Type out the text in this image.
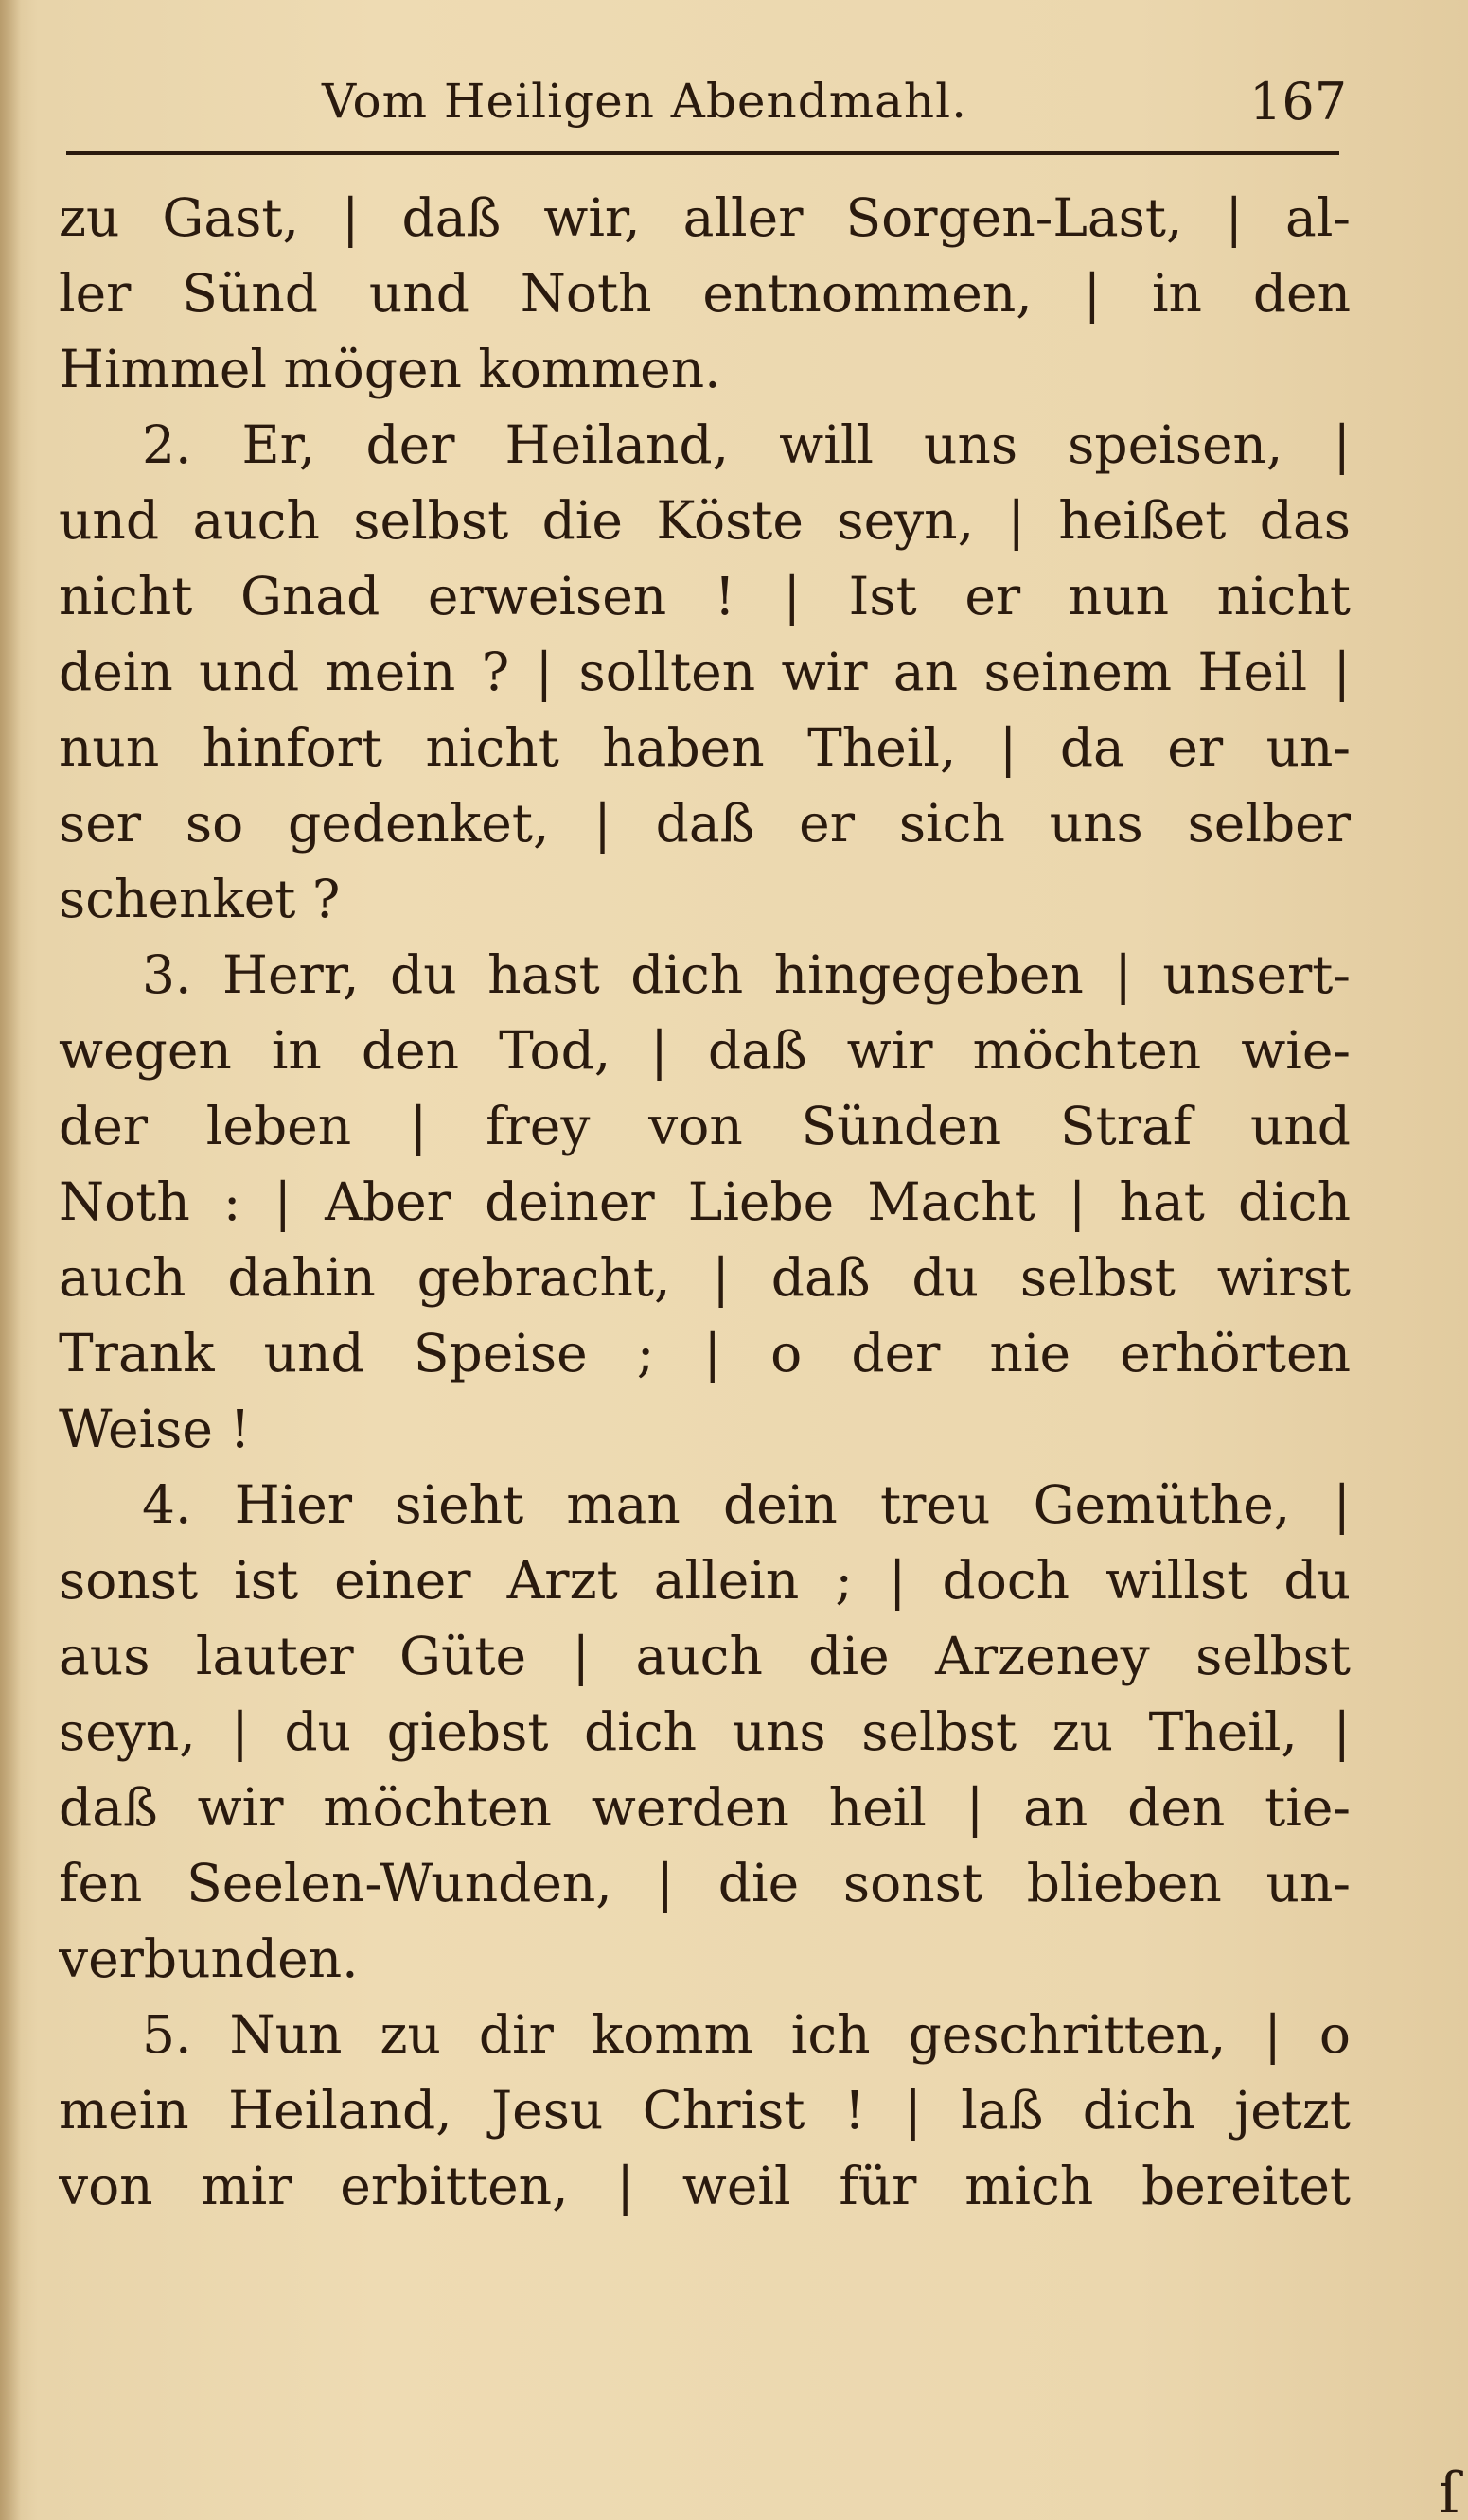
Vom Heiligen Abendmahl.	167
zu Gast, | daß wir, aller Sorgen-Last, | al-
ler Sünd und Noth entnommen, | in den
Himmel mögen kommen.
2. Er, der Heiland, will uns speisen, |
und auch selbst die Köste seyn, | heißet das
nicht Gnad erweisen ! | Ist er nun nicht
dein und mein ? | sollten wir an seinem Heil |
nun hinfort nicht haben Theil, | da er un-
ser so gedenket, | daß er sich uns selber
schenket ?
3. Herr, du hast dich hingegeben | unsert-
wegen in den Tod, | daß wir möchten wie-
der leben | frey von Sünden Straf und
Noth : | Aber deiner Liebe Macht | hat dich
auch dahin gebracht, | daß du selbst wirst
Trank und Speise ; | o der nie erhörten
Weise !
4. Hier sieht man dein treu Gemüthe, |
sonst ist einer Arzt allein ; | doch willst du
aus lauter Güte | auch die Arzeney selbst
seyn, | du giebst dich uns selbst zu Theil, |
daß wir möchten werden heil | an den tie-
fen Seelen-Wunden, | die sonst blieben un-
verbunden.
5. Nun zu dir komm ich geschritten, | o
mein Heiland, Jesu Christ ! | laß dich jetzt
von mir erbitten, | weil für mich bereitet
ſ
